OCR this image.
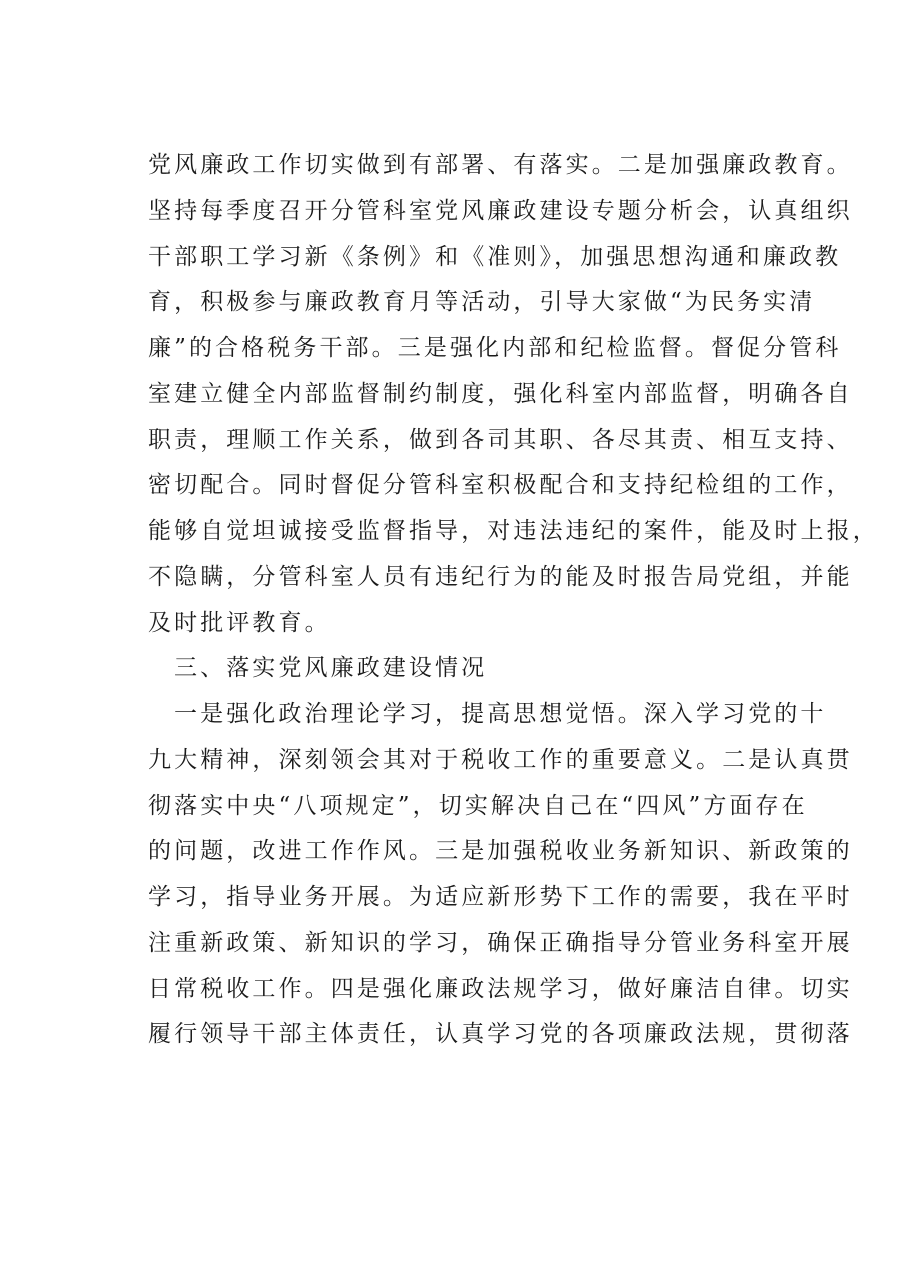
党风廉政工作切实做到有部署、有落实。二是加强廉政教育。
坚持每季度召开分管科室党风廉政建设专题分析会，认真组织
干部职工学习新《条例》和《准则》，加强思想沟通和廉政教
育，积极参与廉政教育月等活动，引导大家做“为民务实清
廉”的合格税务干部。三是强化内部和纪检监督。督促分管科
室建立健全内部监督制约制度，强化科室内部监督，明确各自
职责，理顺工作关系，做到各司其职、各尽其责、相互支持、
密切配合。同时督促分管科室积极配合和支持纪检组的工作，
能够自觉坦诚接受监督指导，对违法违纪的案件，能及时上报，
不隐瞒，分管科室人员有违纪行为的能及时报告局党组，并能
及时批评教育。
三、落实党风廉政建设情况
一是强化政治理论学习，提高思想觉悟。深入学习党的十
九大精神，深刻领会其对于税收工作的重要意义。二是认真贯
彻落实中央“八项规定”，切实解决自己在“四风”方面存在
的问题，改进工作作风。三是加强税收业务新知识、新政策的
学习，指导业务开展。为适应新形势下工作的需要，我在平时
注重新政策、新知识的学习，确保正确指导分管业务科室开展
日常税收工作。四是强化廉政法规学习，做好廉洁自律。切实
履行领导干部主体责任，认真学习党的各项廉政法规，贯彻落
